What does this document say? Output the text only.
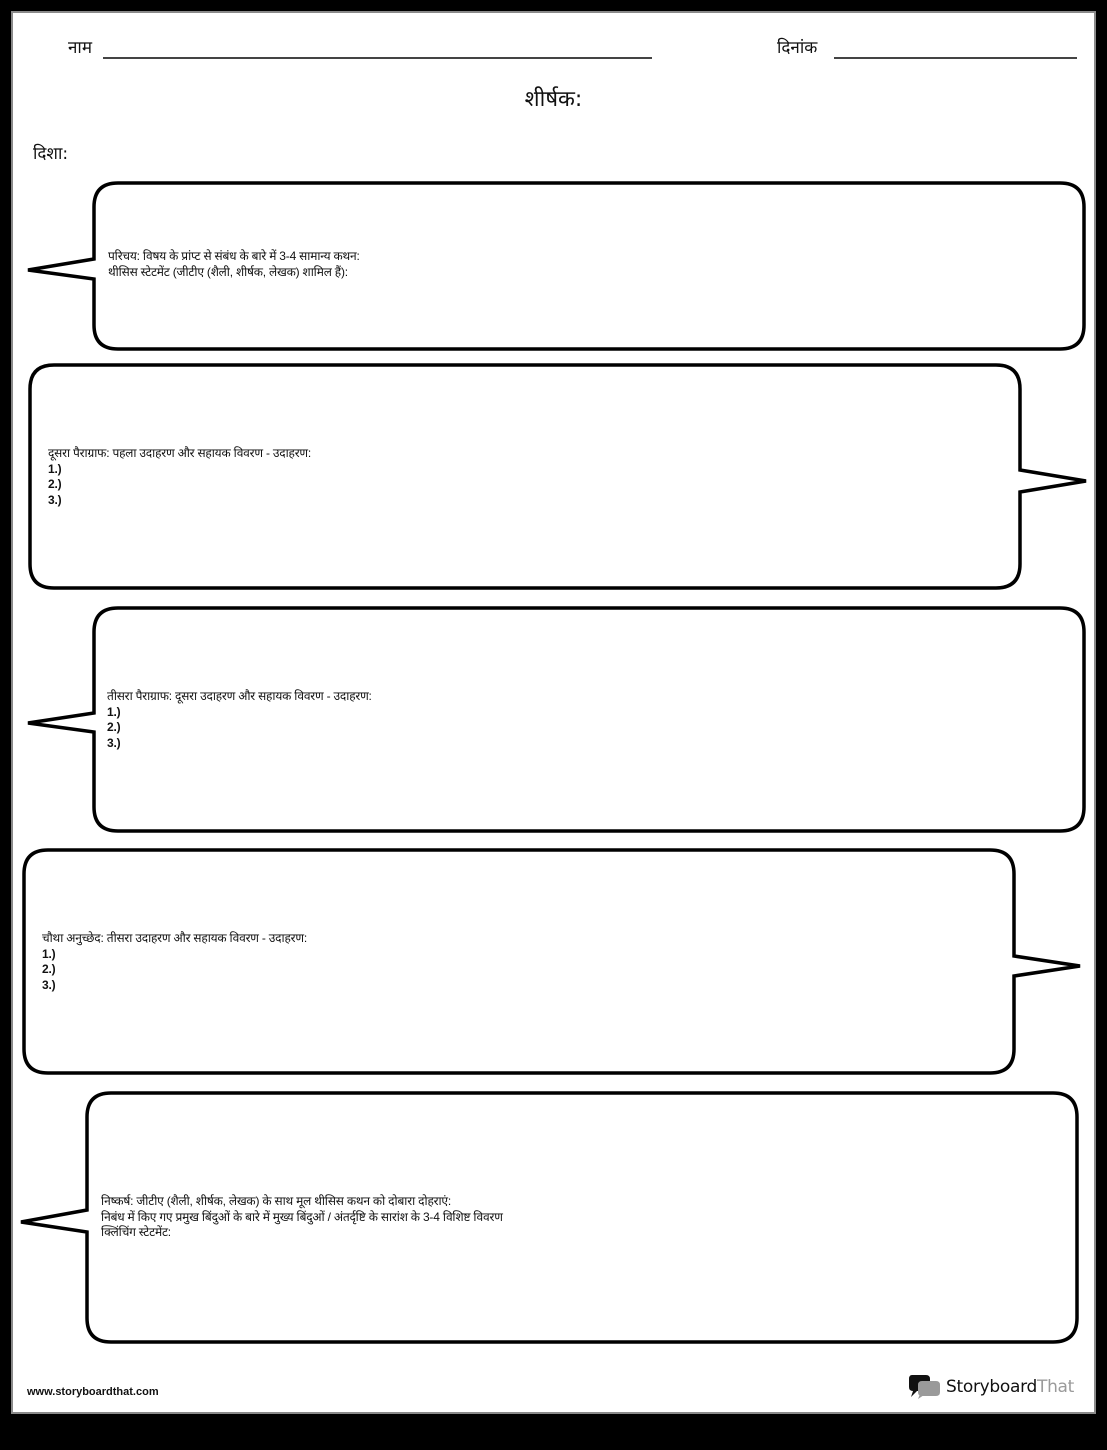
नाम	दिनांक
शीर्षक:
दिशा:
परिचय: विषय के प्रांप्ट से संबंध के बारे में 3-4 सामान्य कथन:
थीसिस स्टेटमेंट (जीटीए (शैली, शीर्षक, लेखक) शामिल हैं):
दूसरा पैराग्राफ: पहला उदाहरण और सहायक विवरण - उदाहरण:
1.)
2.)
3.)
तीसरा पैराग्राफ: दूसरा उदाहरण और सहायक विवरण - उदाहरण:
1.)
2.)
3.)
चौथा अनुच्छेद: तीसरा उदाहरण और सहायक विवरण - उदाहरण:
1.)
2.)
3.)
निष्कर्ष: जीटीए (शैली, शीर्षक, लेखक) के साथ मूल थीसिस कथन को दोबारा दोहराएं:
निबंध में किए गए प्रमुख बिंदुओं के बारे में मुख्य बिंदुओं / अंतर्दृष्टि के सारांश के 3-4 विशिष्ट विवरण
क्लिंचिंग स्टेटमेंट:
www.storyboardthat.com	StoryboardThat
